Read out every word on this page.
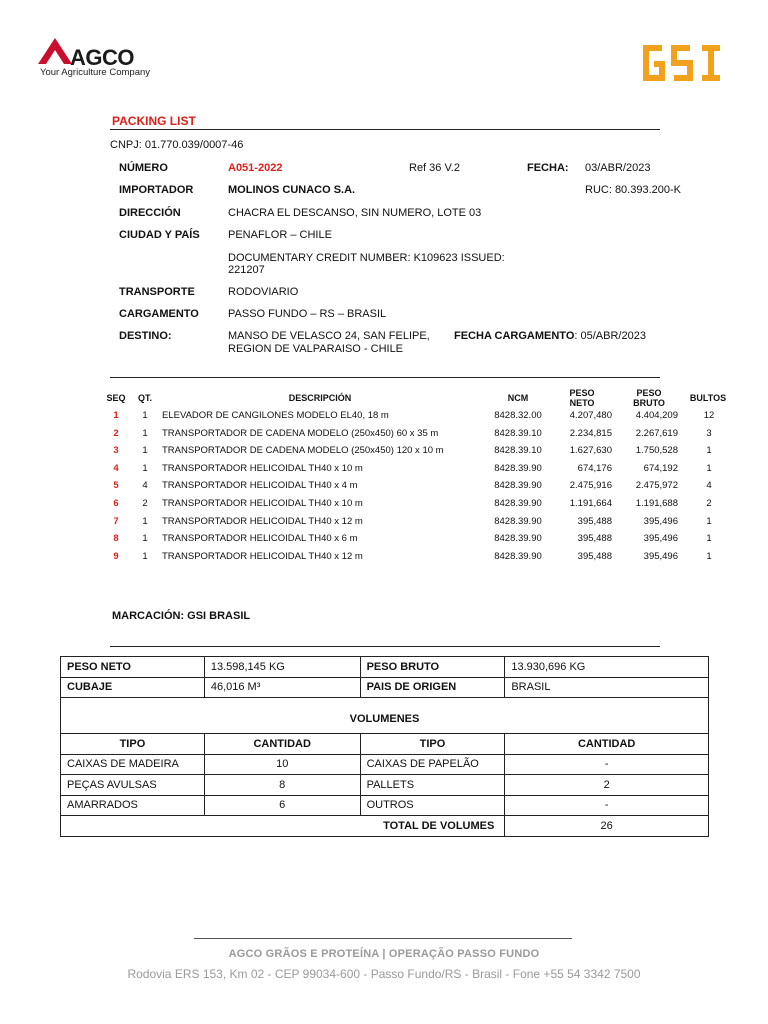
AGCO
Your Agriculture Company
PACKING LIST
CNPJ: 01.770.039/0007-46
NÚMERO	A051-2022	Ref 36 V.2	FECHA: 03/ABR/2023
IMPORTADOR	MOLINOS CUNACO S.A.	RUC: 80.393.200-K
DIRECCIÓN	CHACRA EL DESCANSO, SIN NUMERO, LOTE 03
CIUDAD Y PAÍS	PENAFLOR – CHILE
DOCUMENTARY CREDIT NUMBER: K109623 ISSUED:
221207
TRANSPORTE	RODOVIARIO
CARGAMENTO	PASSO FUNDO – RS – BRASIL
DESTINO:	MANSO DE VELASCO 24, SAN FELIPE,
REGION DE VALPARAISO - CHILE
FECHA CARGAMENTO: 05/ABR/2023
SEQ	QT.	DESCRIPCIÓN	NCM	PESO
NETO
PESO
BRUTO	BULTOS
1	1	ELEVADOR DE CANGILONES MODELO EL40, 18 m	8428.32.00	4.207,480	4.404,209	12
2	1	TRANSPORTADOR DE CADENA MODELO (250x450) 60 x 35 m	8428.39.10	2.234,815	2.267,619	3
3	1	TRANSPORTADOR DE CADENA MODELO (250x450) 120 x 10 m	8428.39.10	1.627,630	1.750,528	1
4	1	TRANSPORTADOR HELICOIDAL TH40 x 10 m	8428.39.90	674,176	674,192	1
5	4	TRANSPORTADOR HELICOIDAL TH40 x 4 m	8428.39.90	2.475,916	2.475,972	4
6	2	TRANSPORTADOR HELICOIDAL TH40 x 10 m	8428.39.90	1.191,664	1.191,688	2
7	1	TRANSPORTADOR HELICOIDAL TH40 x 12 m	8428.39.90	395,488	395,496	1
8	1	TRANSPORTADOR HELICOIDAL TH40 x 6 m	8428.39.90	395,488	395,496	1
9	1	TRANSPORTADOR HELICOIDAL TH40 x 12 m	8428.39.90	395,488	395,496	1
MARCACIÓN: GSI BRASIL
PESO NETO	13.598,145 KG	PESO BRUTO	13.930,696 KG
CUBAJE	46,016 M³	PAIS DE ORIGEN	BRASIL
VOLUMENES			
TIPO	CANTIDAD	TIPO	CANTIDAD
CAIXAS DE MADEIRA	10	CAIXAS DE PAPELÃO	-
PEÇAS AVULSAS	8	PALLETS	2
AMARRADOS	6	OUTROS	-
TOTAL DE VOLUMES			26
AGCO GRÃOS E PROTEÍNA | OPERAÇÃO PASSO FUNDO
Rodovia ERS 153, Km 02 - CEP 99034-600 - Passo Fundo/RS - Brasil - Fone +55 54 3342 7500
